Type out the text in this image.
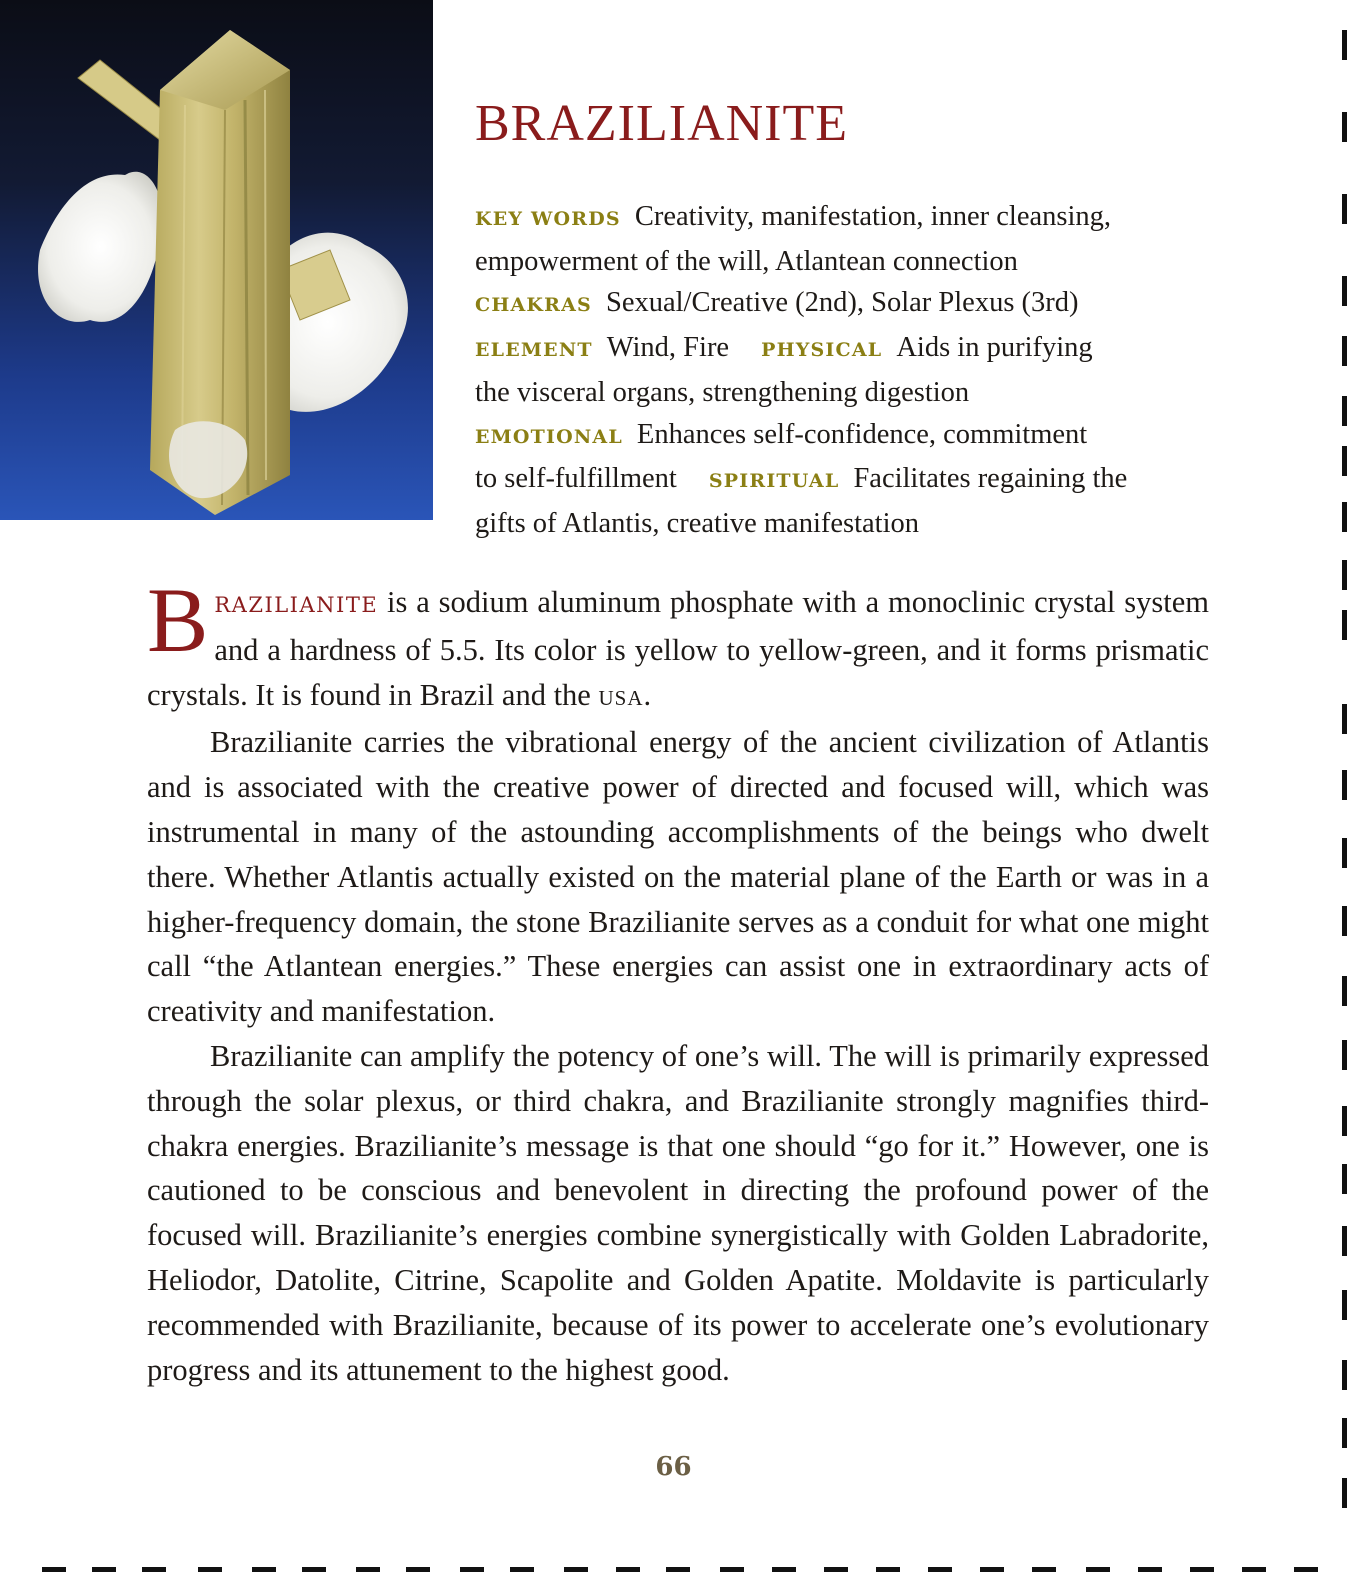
BRAZILIANITE
KEY WORDS Creativity, manifestation, inner cleansing,
empowerment of the will, Atlantean connection
CHAKRAS Sexual/Creative (2nd), Solar Plexus (3rd)
ELEMENT Wind, Fire PHYSICAL Aids in purifying
the visceral organs, strengthening digestion
EMOTIONAL Enhances self-confidence, commitment
to self-fulfillment SPIRITUAL Facilitates regaining the
gifts of Atlantis, creative manifestation

BRAZILIANITE is a sodium aluminum phosphate with a monoclinic crystal system and a hardness of 5.5. Its color is yellow to yellow-green, and it forms prismatic crystals. It is found in Brazil and the USA.

Brazilianite carries the vibrational energy of the ancient civilization of Atlantis and is associated with the creative power of directed and focused will, which was instrumental in many of the astounding accomplishments of the beings who dwelt there. Whether Atlantis actually existed on the material plane of the Earth or was in a higher-frequency domain, the stone Brazilianite serves as a conduit for what one might call “the Atlantean energies.” These energies can assist one in extraordinary acts of creativity and manifestation.

Brazilianite can amplify the potency of one’s will. The will is primarily expressed through the solar plexus, or third chakra, and Brazilianite strongly magnifies third-chakra energies. Brazilianite’s message is that one should “go for it.” However, one is cautioned to be conscious and benevolent in directing the profound power of the focused will. Brazilianite’s energies combine synergistically with Golden Labradorite, Heliodor, Datolite, Citrine, Scapolite and Golden Apatite. Moldavite is particularly recommended with Brazilianite, because of its power to accelerate one’s evolutionary progress and its attunement to the highest good.

66
